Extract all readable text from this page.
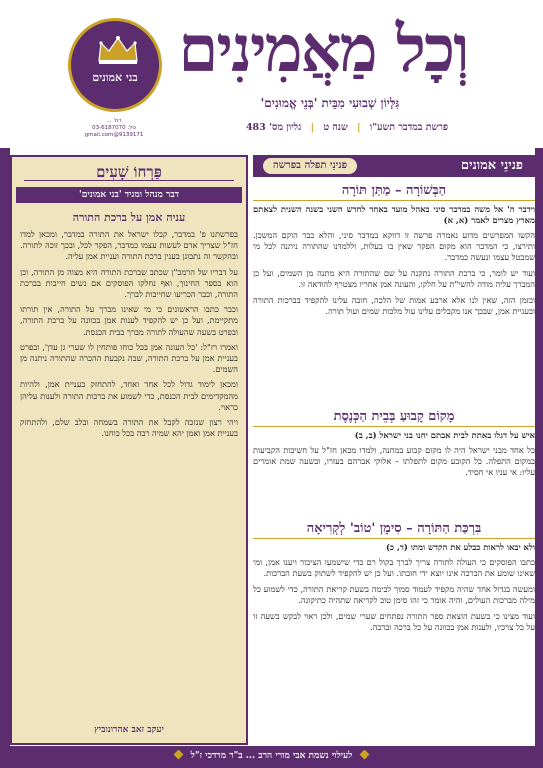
וְכָל מַאֲמִינִים
גִּלָּיוֹן שְׁבוּעִי מִבֵּית 'בְּנֵי אֱמוּנִים'
פרשת במדבר תשע"ו | שנה ט | גליון מס' 483
בני אמונים
רח' ...
טל. 03-6187070
9139171@gmail.com
פנינֵי אמונים
פנינֵי תפלה בפרשה
פַּרְחוֹ שָׁעִים
דבר מנהל ומגיד 'בני אמונים'
עניה אמן על ברכת התורה

בפרשתנו פ' במדבר, קבלו ישראל את התורה במדבר, ומכאן למדו חז"ל שצריך אדם לעשות עצמו כמדבר, הפקר לכל, ובכך זוכה לתורה. ובהקשר זה נתבונן בענין ברכת התורה ועניית אמן עליה.

על דבריו של הרמב"ן שכתב שברכת התורה היא מצוה מן התורה, וכן הוא בספר החינוך, ואף נחלקו הפוסקים אם נשים חייבות בברכת התורה, וכבר הכריעו שחייבות לברך.

וכבר כתבו הראשונים כי מי שאינו מברך על התורה, אין תורתו מתקיימת, ועל כן יש להקפיד לענות אמן בכוונה על ברכת התורה, ובפרט בשעה שהעולה לתורה מברך בבית הכנסת.

ואמרו רז"ל: 'כל העונה אמן בכל כוחו פותחין לו שערי גן עדן', ובפרט בעניית אמן על ברכת התורה, שבה נקבעת ההכרה שהתורה ניתנה מן השמים.

ומכאן לימוד גדול לכל אחד ואחד, להתחזק בעניית אמן, ולהיות מהמקדימים לבית הכנסת, כדי לשמוע את ברכות התורה ולענות עליהן כראוי.

ויהי רצון שנזכה לקבל את התורה בשמחה ובלב שלם, ולהתחזק בעניית אמן ואמן יהא שמיה רבה בכל כוחנו.

יעקב זאב אהרונוביץ
הַבְּשׁוֹרָה – מַתַּן תּוֹרָה
וידבר ה' אל משה במדבר סיני באהל מועד באחד לחדש השני בשנה השנית לצאתם מארץ מצרים לאמר (א, א)

הקשו המפרשים מדוע נאמרה פרשה זו דווקא במדבר סיני, והלא כבר הוקם המשכן. ותירצו, כי המדבר הוא מקום הפקר שאין בו בעלות, וללמדנו שהתורה ניתנה לכל מי שמבטל עצמו ונעשה כמדבר.

ועוד יש לומר, כי ברכת התורה נתקנה על שם שהתורה היא מתנה מן השמים, ועל כן המברך עליה מודה להשי"ת על חלקו, והעונה אמן אחריו מצטרף להודאה זו.

ובזמן הזה, שאין לנו אלא ארבע אמות של הלכה, חובה עלינו להקפיד בברכות התורה ובעניית אמן, שבכך אנו מקבלים עלינו עול מלכות שמים ועול תורה.

מָקוֹם קָבוּעַ בְּבֵית הַכְּנֶסֶת
איש על דגלו באתת לבית אבתם יחנו בני ישראל (ב, ב)

כל אחד מבני ישראל היה לו מקום קבוע במחנה, ולמדו מכאן חז"ל על חשיבות הקביעות במקום התפלה. כל הקובע מקום לתפלתו – אלוקי אברהם בעזרו, ובשעה שמת אומרים עליו: אי עניו אי חסיד.

בִּרְכַּת הַתּוֹרָה – סִימָן 'טוֹב' לְקְרִיאָה
ולא יבאו לראות כבלע את הקדש ומתו (ד, כ)

כתבו הפוסקים כי העולה לתורה צריך לברך בקול רם כדי שישמעו הציבור ויענו אמן, ומי שאינו שומע את הברכה אינו יוצא ידי חובתו. ועל כן יש להקפיד לשתוק בשעת הברכות.

ומעשה בגדול אחד שהיה מקפיד לעמוד סמוך לבימה בשעת קריאת התורה, כדי לשמוע כל מילה מברכות העולים, והיה אומר כי זהו סימן טוב לקריאה שתהיה כתיקונה.

ועוד מצינו כי בשעת הוצאת ספר התורה נפתחים שערי שמים, ולכן ראוי לבקש בשעה זו על כל צרכיו, ולענות אמן בכוונה על כל ברכה וברכה.

לעילוי נשמת אבי מורי הרב ... ב"ר מרדכי ז"ל
